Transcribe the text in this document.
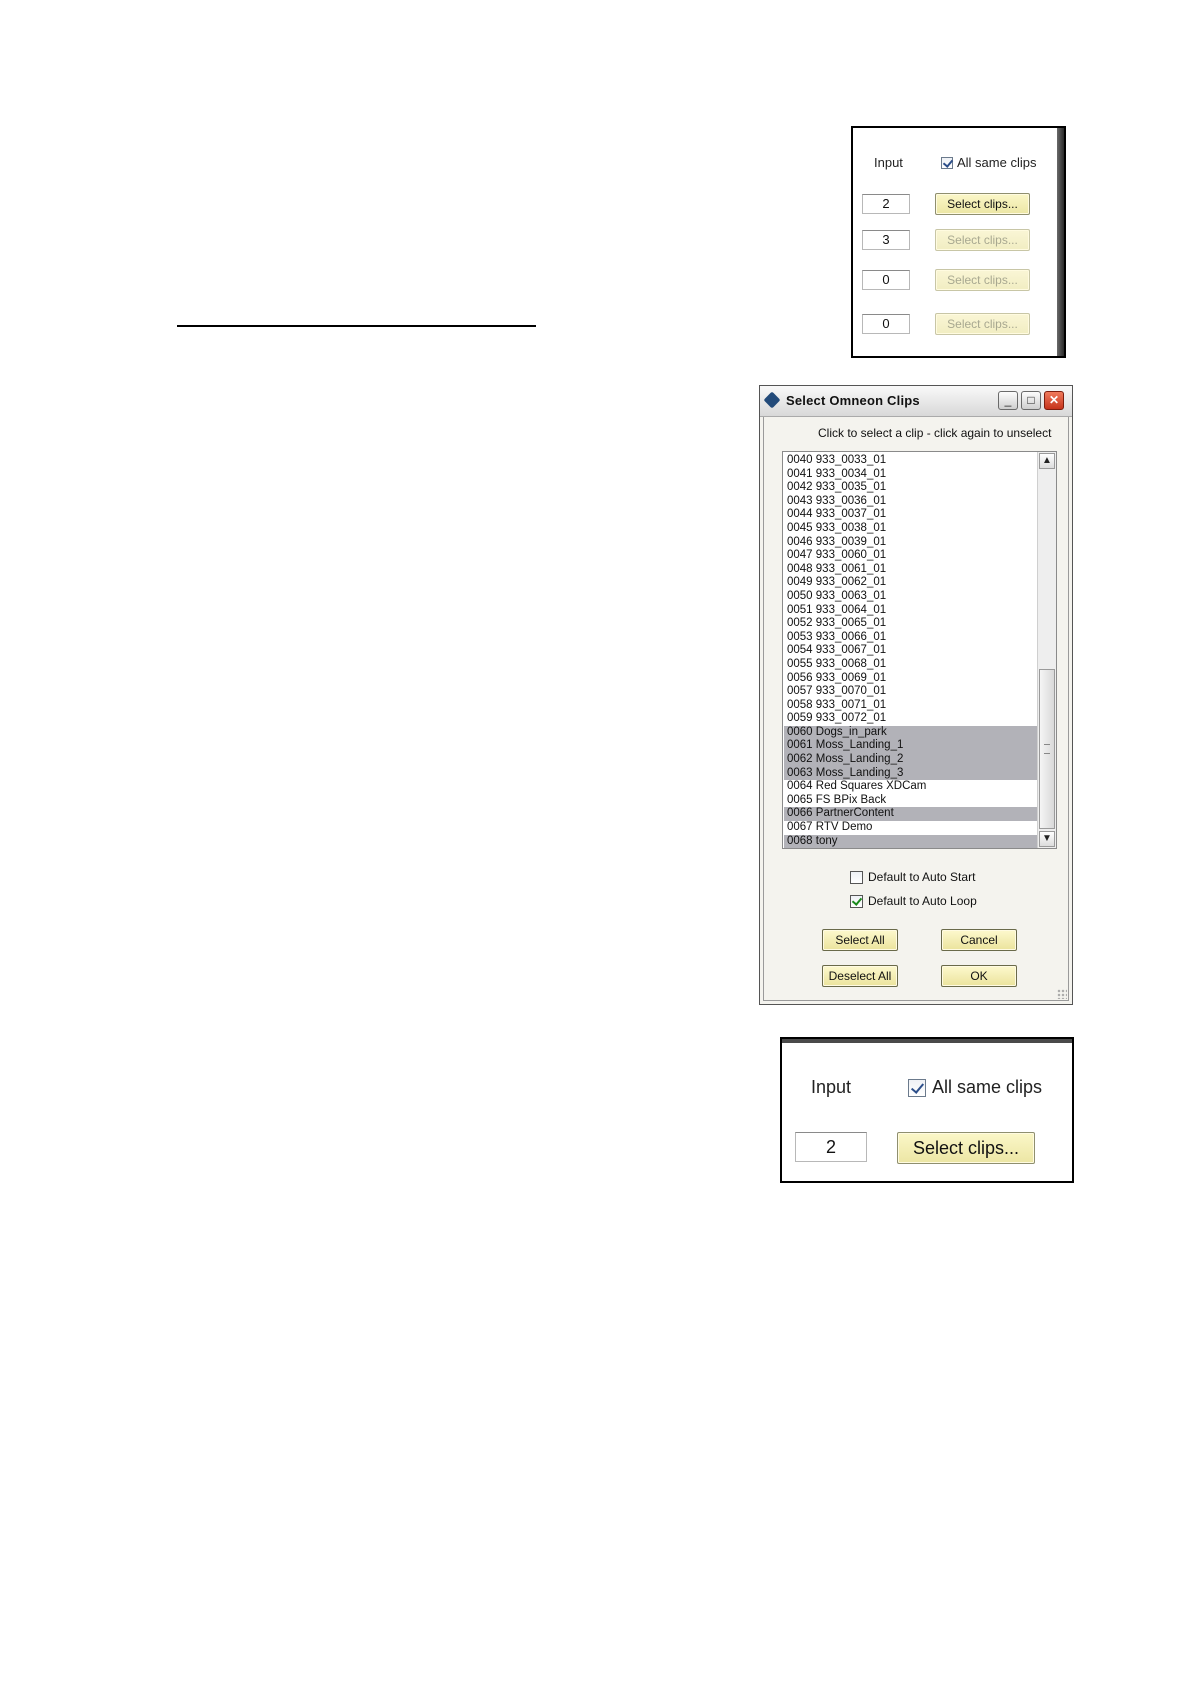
Input	All same clips
2	Select clips...
3	Select clips...
0	Select clips...
0	Select clips...
Select Omneon Clips	_	□	✕
Click to select a clip - click again to unselect
0040 933_0033_01
0041 933_0034_01
0042 933_0035_01
0043 933_0036_01
0044 933_0037_01
0045 933_0038_01
0046 933_0039_01
0047 933_0060_01
0048 933_0061_01
0049 933_0062_01
0050 933_0063_01
0051 933_0064_01
0052 933_0065_01
0053 933_0066_01
0054 933_0067_01
0055 933_0068_01
0056 933_0069_01
0057 933_0070_01
0058 933_0071_01
0059 933_0072_01
0060 Dogs_in_park
0061 Moss_Landing_1
0062 Moss_Landing_2
0063 Moss_Landing_3
0064 Red Squares XDCam
0065 FS BPix Back
0066 PartnerContent
0067 RTV Demo
0068 tony
▲
▼
Default to Auto Start
Default to Auto Loop
Select All	Cancel
Deselect All	OK
Input	All same clips
2	Select clips...
